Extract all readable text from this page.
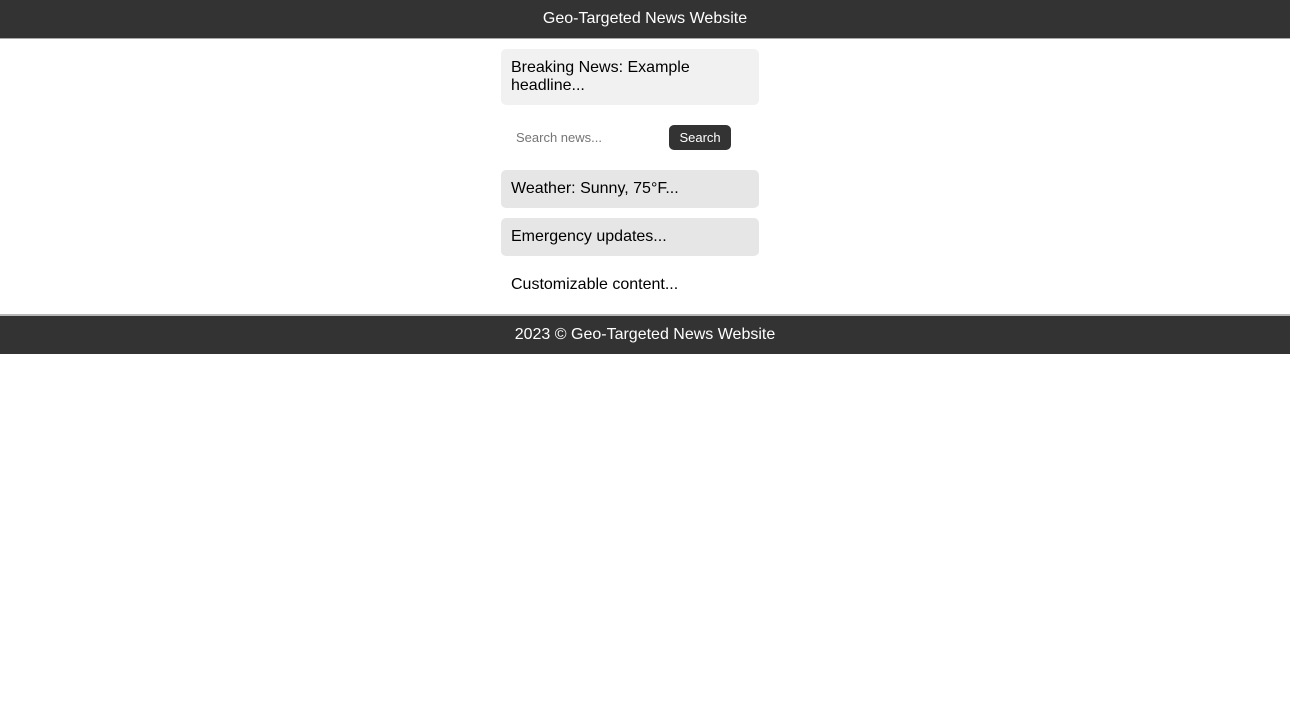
Geo-Targeted News Website
Breaking News: Example headline...
Search news... Search
Weather: Sunny, 75°F...
Emergency updates...
Customizable content...
2023 © Geo-Targeted News Website
